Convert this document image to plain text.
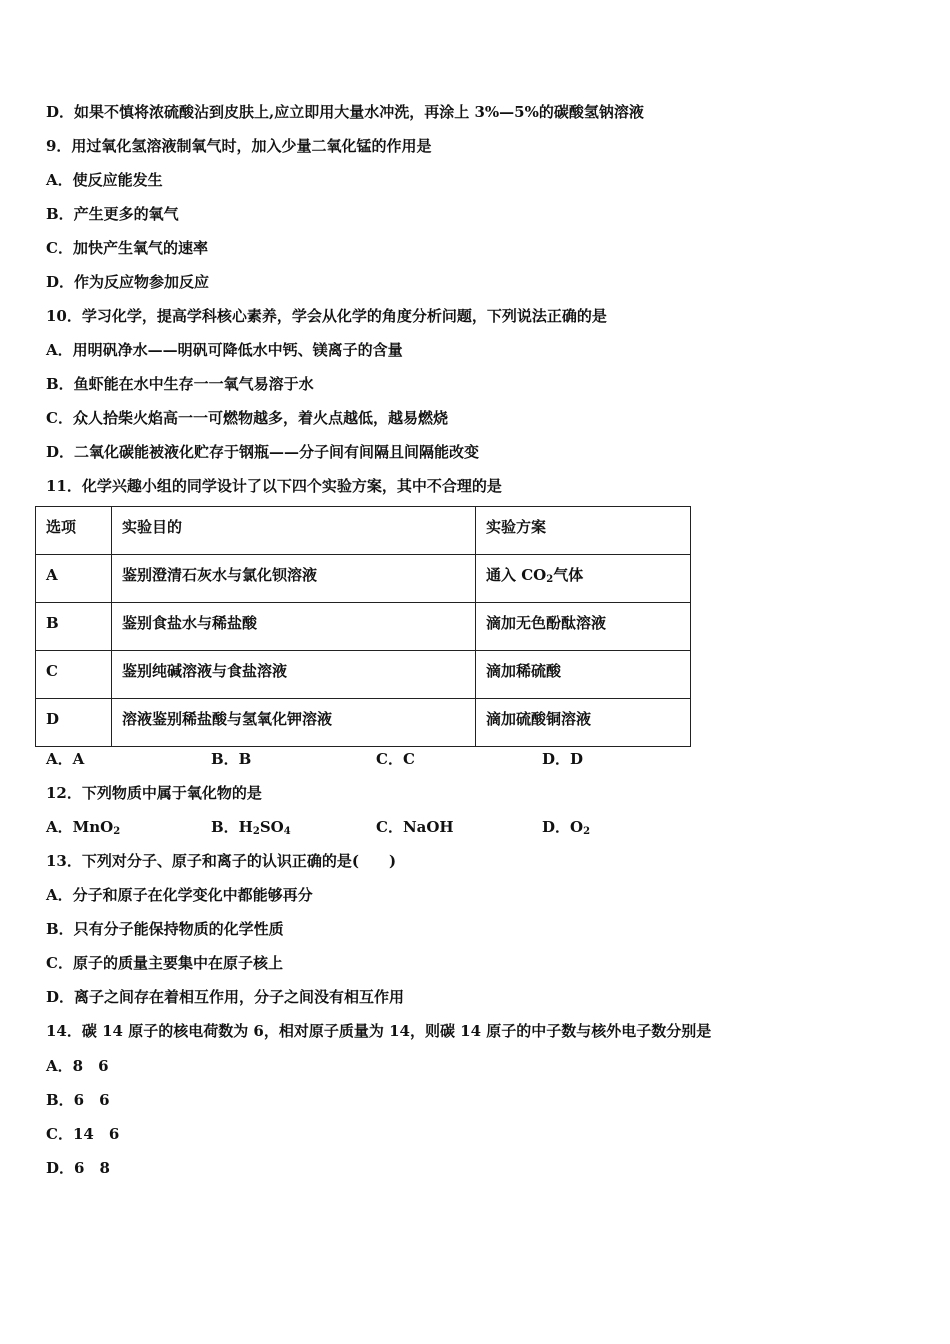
D．如果不慎将浓硫酸沾到皮肤上,应立即用大量水冲洗，再涂上 3%—5%的碳酸氢钠溶液
9．用过氧化氢溶液制氧气时，加入少量二氧化锰的作用是
A．使反应能发生
B．产生更多的氧气
C．加快产生氧气的速率
D．作为反应物参加反应
10．学习化学，提高学科核心素养，学会从化学的角度分析问题，下列说法正确的是
A．用明矾净水——明矾可降低水中钙、镁离子的含量
B．鱼虾能在水中生存一一氧气易溶于水
C．众人拾柴火焰高一一可燃物越多，着火点越低，越易燃烧
D．二氧化碳能被液化贮存于钢瓶——分子间有间隔且间隔能改变
11．化学兴趣小组的同学设计了以下四个实验方案，其中不合理的是
选项	实验目的	实验方案
A	鉴别澄清石灰水与氯化钡溶液	通入 $CO_2$气体
B	鉴别食盐水与稀盐酸	滴加无色酚酞溶液
C	鉴别纯碱溶液与食盐溶液	滴加稀硫酸
D	溶液鉴别稀盐酸与氢氧化钾溶液	滴加硫酸铜溶液
A．A	B．B	C．C	D．D
12．下列物质中属于氧化物的是
A．MnO$_2$	B．$H_2SO_4$	C．NaOH	D．$O_2$
13．下列对分子、原子和离子的认识正确的是(　　)
A．分子和原子在化学变化中都能够再分
B．只有分子能保持物质的化学性质
C．原子的质量主要集中在原子核上
D．离子之间存在着相互作用，分子之间没有相互作用
14．碳 14 原子的核电荷数为 6，相对原子质量为 14，则碳 14 原子的中子数与核外电子数分别是
A．8　6
B．6　6
C．14　6
D．6　8
